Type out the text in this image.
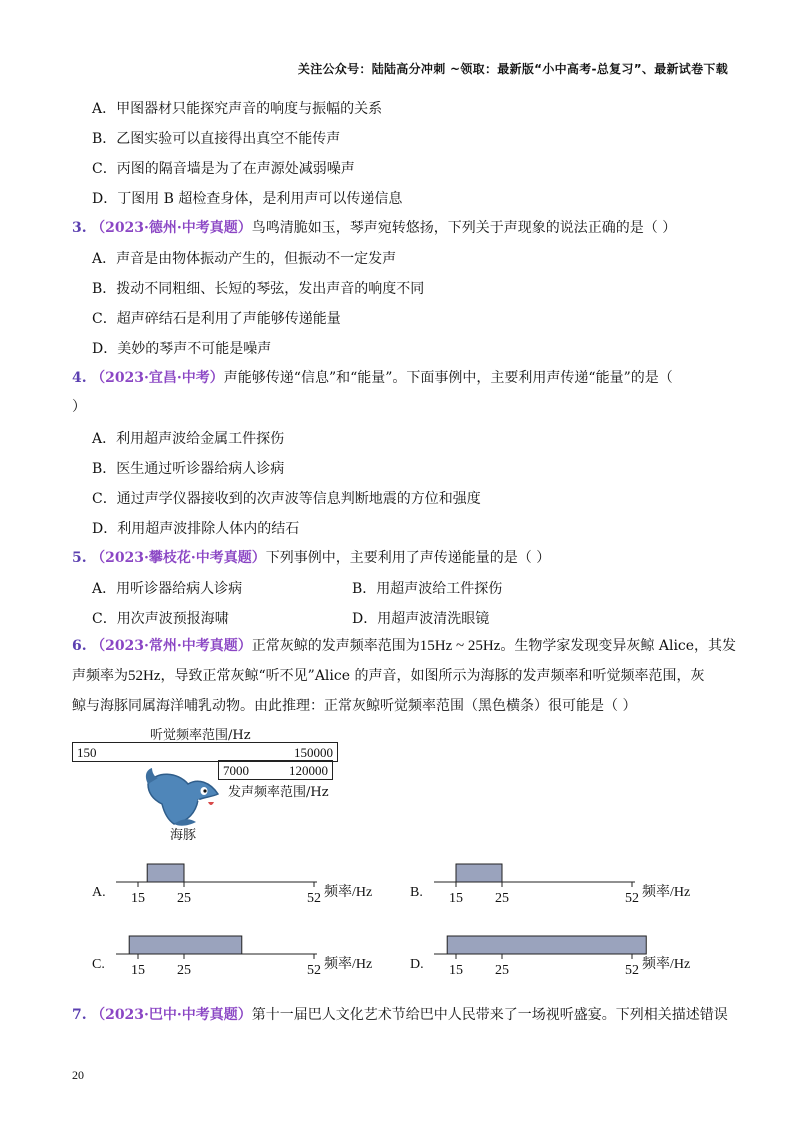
关注公众号：陆陆高分冲刺 ~领取：最新版“小中高考-总复习”、最新试卷下载
A．甲图器材只能探究声音的响度与振幅的关系
B．乙图实验可以直接得出真空不能传声
C．丙图的隔音墙是为了在声源处减弱噪声
D．丁图用 B 超检查身体，是利用声可以传递信息
3. （2023·德州·中考真题）鸟鸣清脆如玉，琴声宛转悠扬，下列关于声现象的说法正确的是（ ）
A．声音是由物体振动产生的，但振动不一定发声
B．拨动不同粗细、长短的琴弦，发出声音的响度不同
C．超声碎结石是利用了声能够传递能量
D．美妙的琴声不可能是噪声
4. （2023·宜昌·中考）声能够传递“信息”和“能量”。下面事例中，主要利用声传递“能量”的是（
）
A．利用超声波给金属工件探伤
B．医生通过听诊器给病人诊病
C．通过声学仪器接收到的次声波等信息判断地震的方位和强度
D．利用超声波排除人体内的结石
5. （2023·攀枝花·中考真题）下列事例中，主要利用了声传递能量的是（ ）
A．用听诊器给病人诊病	B．用超声波给工件探伤
C．用次声波预报海啸	D．用超声波清洗眼镜
6. （2023·常州·中考真题）正常灰鲸的发声频率范围为15Hz ~ 25Hz。生物学家发现变异灰鲸 Alice，其发
声频率为52Hz，导致正常灰鲸“听不见”Alice 的声音，如图所示为海豚的发声频率和听觉频率范围，灰
鲸与海豚同属海洋哺乳动物。由此推理：正常灰鲸听觉频率范围（黑色横条）很可能是（ ）
听觉频率范围/Hz
150	150000
7000	120000
发声频率范围/Hz
海豚
A. 15 25	52 频率/Hz	B. 15 25	52 频率/Hz
C. 15 25	52 频率/Hz	D. 15 25	52 频率/Hz
7. （2023·巴中·中考真题）第十一届巴人文化艺术节给巴中人民带来了一场视听盛宴。下列相关描述错误
20
